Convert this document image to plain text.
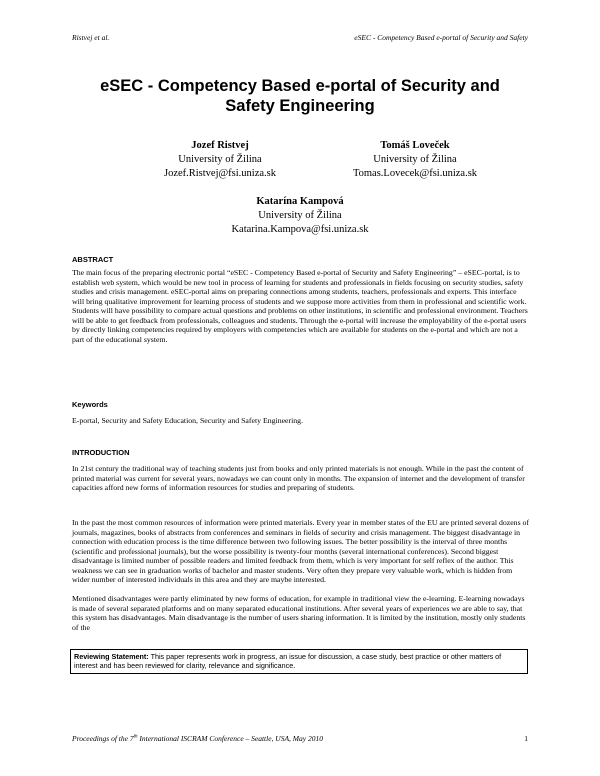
Ristvej et al.	eSEC - Competency Based e-portal of Security and Safety
eSEC - Competency Based e-portal of Security and
Safety Engineering
Jozef Ristvej
University of Žilina
Jozef.Ristvej@fsi.uniza.sk
Tomáš Loveček
University of Žilina
Tomas.Lovecek@fsi.uniza.sk
Katarína Kampová
University of Žilina
Katarina.Kampova@fsi.uniza.sk
ABSTRACT
The main focus of the preparing electronic portal “eSEC - Competency Based e-portal of Security and Safety Engineering” – eSEC-portal, is to establish web system, which would be new tool in process of learning for students and professionals in fields focusing on security studies, safety studies and crisis management. eSEC-portal aims on preparing connections among students, teachers, professionals and experts. This interface will bring qualitative improvement for learning process of students and we suppose more activities from them in professional and scientific work. Students will have possibility to compare actual questions and problems on other institutions, in scientific and professional environment. Teachers will be able to get feedback from professionals, colleagues and students. Through the e-portal will increase the employability of the e-portal users by directly linking competencies required by employers with competencies which are available for students on the e-portal and which are not a part of the educational system.
Keywords
E-portal, Security and Safety Education, Security and Safety Engineering.
INTRODUCTION
In 21st century the traditional way of teaching students just from books and only printed materials is not enough. While in the past the content of printed material was current for several years, nowadays we can count only in months. The expansion of internet and the development of transfer capacities afford new forms of information resources for studies and preparing of students.
In the past the most common resources of information were printed materials. Every year in member states of the EU are printed several dozens of journals, magazines, books of abstracts from conferences and seminars in fields of security and crisis management. The biggest disadvantage in connection with education process is the time difference between two following issues. The better possibility is the interval of three months (scientific and professional journals), but the worse possibility is twenty-four months (several international conferences). Second biggest disadvantage is limited number of possible readers and limited feedback from them, which is very important for self reflex of the author. This weakness we can see in graduation works of bachelor and master students. Very often they prepare very valuable work, which is hidden from wider number of interested individuals in this area and they are maybe interested.
Mentioned disadvantages were partly eliminated by new forms of education, for example in traditional view the e-learning. E-learning nowadays is made of several separated platforms and on many separated educational institutions. After several years of experiences we are able to say, that this system has disadvantages. Main disadvantage is the number of users sharing information. It is limited by the institution, mostly only students of the
Reviewing Statement: This paper represents work in progress, an issue for discussion, a case study, best practice or other matters of interest and has been reviewed for clarity, relevance and significance.
Proceedings of the 7th International ISCRAM Conference – Seattle, USA, May 2010	1
